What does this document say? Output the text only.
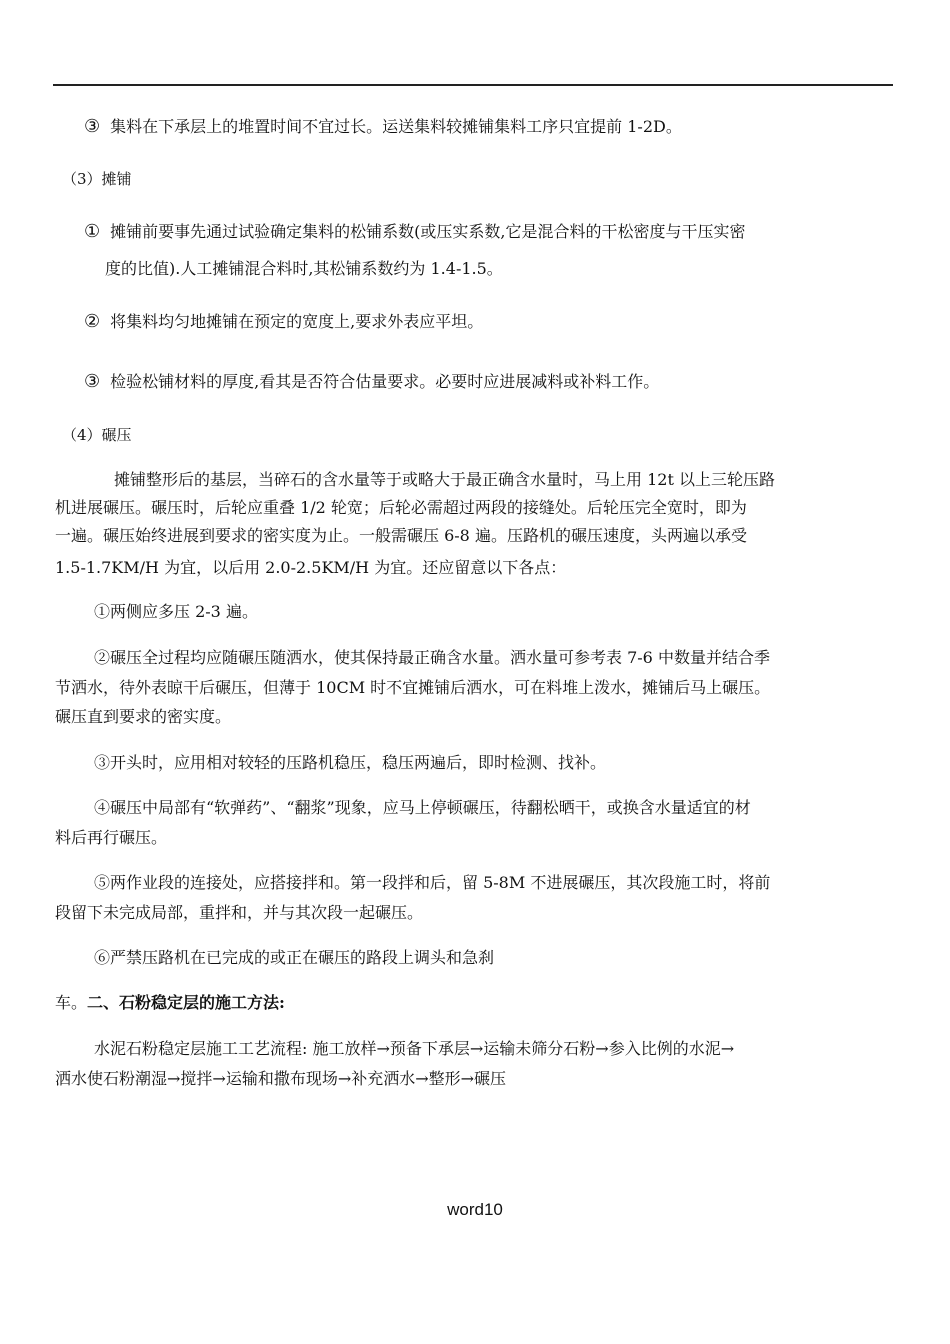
③ 集料在下承层上的堆置时间不宜过长。运送集料较摊铺集料工序只宜提前 1-2D。
（3）摊铺
① 摊铺前要事先通过试验确定集料的松铺系数(或压实系数,它是混合料的干松密度与干压实密
度的比值).人工摊铺混合料时,其松铺系数约为 1.4-1.5。
② 将集料均匀地摊铺在预定的宽度上,要求外表应平坦。
③ 检验松铺材料的厚度,看其是否符合估量要求。必要时应进展减料或补料工作。
（4）碾压
摊铺整形后的基层，当碎石的含水量等于或略大于最正确含水量时，马上用 12t 以上三轮压路
机进展碾压。碾压时，后轮应重叠 1/2 轮宽；后轮必需超过两段的接缝处。后轮压完全宽时，即为
一遍。碾压始终进展到要求的密实度为止。一般需碾压 6-8 遍。压路机的碾压速度，头两遍以承受
1.5-1.7KM/H 为宜，以后用 2.0-2.5KM/H 为宜。还应留意以下各点：
①两侧应多压 2-3 遍。
②碾压全过程均应随碾压随洒水，使其保持最正确含水量。洒水量可参考表 7-6 中数量并结合季
节洒水，待外表晾干后碾压，但薄于 10CM 时不宜摊铺后洒水，可在料堆上泼水，摊铺后马上碾压。
碾压直到要求的密实度。
③开头时，应用相对较轻的压路机稳压，稳压两遍后，即时检测、找补。
④碾压中局部有“软弹药”、“翻浆”现象，应马上停顿碾压，待翻松晒干，或换含水量适宜的材
料后再行碾压。
⑤两作业段的连接处，应搭接拌和。第一段拌和后，留 5-8M 不进展碾压，其次段施工时，将前
段留下未完成局部，重拌和，并与其次段一起碾压。
⑥严禁压路机在已完成的或正在碾压的路段上调头和急刹
车。二、石粉稳定层的施工方法:
水泥石粉稳定层施工工艺流程: 施工放样→预备下承层→运输未筛分石粉→参入比例的水泥→
洒水使石粉潮湿→搅拌→运输和撒布现场→补充洒水→整形→碾压
word10
